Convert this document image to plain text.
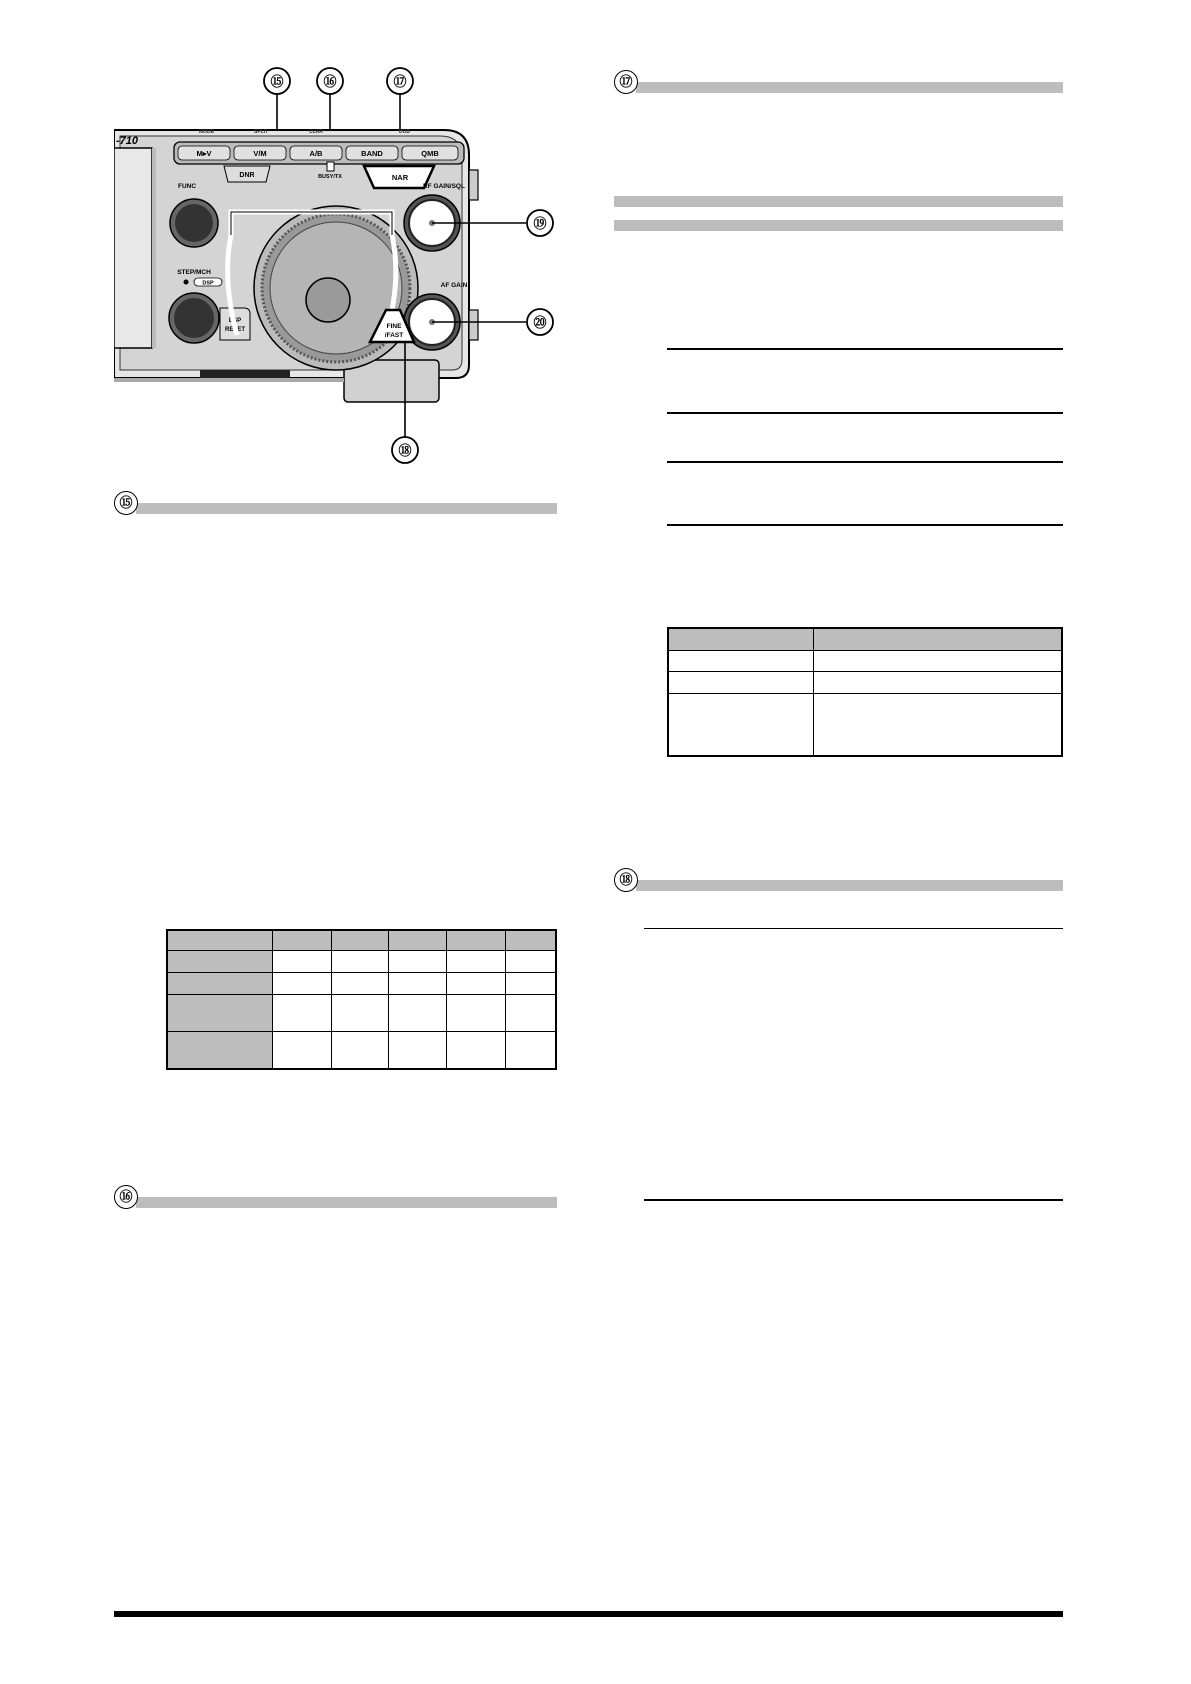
⑮	⑯	⑰
-710
MODE	SPLIT	CLAR	DUB
M▸V	V/M	A/B	BAND	QMB
DNR	NAR
BUSY/TX
FUNC	RF GAIN/SQL
AF GAIN
STEP/MCH
DSP
DSP
RESET	FINE
/FAST
⑲
⑳
⑱
⑮

⑯
⑰

⑱
